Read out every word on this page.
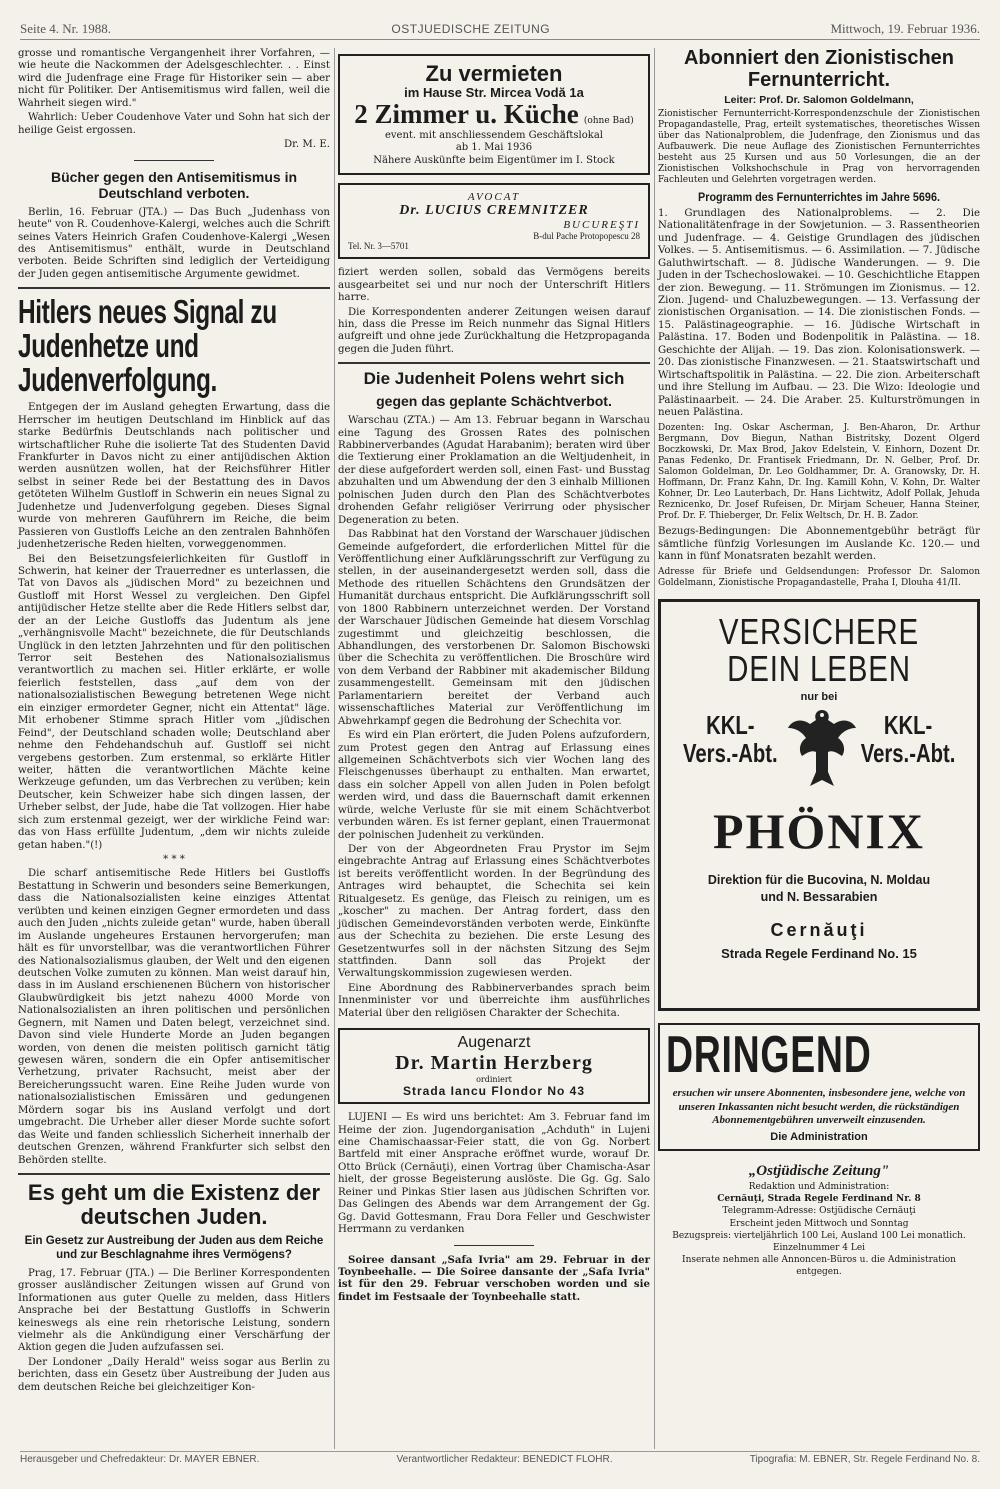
Seite 4. Nr. 1988.	OSTJUEDISCHE ZEITUNG	Mittwoch, 19. Februar 1936.

grosse und romantische Vergangenheit ihrer Vorfahren, — wie heute die Nackommen der Adelsgeschlechter. . . Einst wird die Judenfrage eine Frage für Historiker sein — aber nicht für Politiker. Der Antisemitismus wird fallen, weil die Wahrheit siegen wird."

Wahrlich: Ueber Coudenhove Vater und Sohn hat sich der heilige Geist ergossen.

Dr. M. E.

Bücher gegen den Antisemitismus in Deutschland verboten.

Berlin, 16. Februar (JTA.) — Das Buch „Judenhass von heute" von R. Coudenhove-Kalergi, welches auch die Schrift seines Vaters Heinrich Grafen Coudenhove-Kalergi „Wesen des Antisemitismus" enthält, wurde in Deutschland verboten. Beide Schriften sind lediglich der Verteidigung der Juden gegen antisemitische Argumente gewidmet.

Hitlers neues Signal zu Judenhetze und Judenverfolgung.

Entgegen der im Ausland gehegten Erwartung, dass die Herrscher im heutigen Deutschland im Hinblick auf das starke Bedürfnis Deutschlands nach politischer und wirtschaftlicher Ruhe die isolierte Tat des Studenten David Frankfurter in Davos nicht zu einer antijüdischen Aktion werden ausnützen wollen, hat der Reichsführer Hitler selbst in seiner Rede bei der Bestattung des in Davos getöteten Wilhelm Gustloff in Schwerin ein neues Signal zu Judenhetze und Judenverfolgung gegeben. Dieses Signal wurde von mehreren Gauführern im Reiche, die beim Passieren von Gustloffs Leiche an den zentralen Bahnhöfen judenhetzerische Reden hielten, vorweggenommen.

Bei den Beisetzungsfeierlichkeiten für Gustloff in Schwerin, hat keiner der Trauerredner es unterlassen, die Tat von Davos als „jüdischen Mord" zu bezeichnen und Gustloff mit Horst Wessel zu vergleichen. Den Gipfel antijüdischer Hetze stellte aber die Rede Hitlers selbst dar, der an der Leiche Gustloffs das Judentum als jene „verhängnisvolle Macht" bezeichnete, die für Deutschlands Unglück in den letzten Jahrzehnten und für den politischen Terror seit Bestehen des Nationalsozialismus verantwortlich zu machen sei. Hitler erklärte, er wolle feierlich feststellen, dass „auf dem von der nationalsozialistischen Bewegung betretenen Wege nicht ein einziger ermordeter Gegner, nicht ein Attentat" läge. Mit erhobener Stimme sprach Hitler vom „jüdischen Feind", der Deutschland schaden wolle; Deutschland aber nehme den Fehdehandschuh auf. Gustloff sei nicht vergebens gestorben. Zum erstenmal, so erklärte Hitler weiter, hätten die verantwortlichen Mächte keine Werkzeuge gefunden, um das Verbrechen zu verüben; kein Deutscher, kein Schweizer habe sich dingen lassen, der Urheber selbst, der Jude, habe die Tat vollzogen. Hier habe sich zum erstenmal gezeigt, wer der wirkliche Feind war: das von Hass erfüllte Judentum, „dem wir nichts zuleide getan haben."(!)

* * *

Die scharf antisemitische Rede Hitlers bei Gustloffs Bestattung in Schwerin und besonders seine Bemerkungen, dass die Nationalsozialisten keine einziges Attentat verübten und keinen einzigen Gegner ermordeten und dass auch den Juden „nichts zuleide getan" wurde, haben überall im Auslande ungeheures Erstaunen hervorgerufen; man hält es für unvorstellbar, was die verantwortlichen Führer des Nationalsozialismus glauben, der Welt und den eigenen deutschen Volke zumuten zu können. Man weist darauf hin, dass in im Ausland erschienenen Büchern von historischer Glaubwürdigkeit bis jetzt nahezu 4000 Morde von Nationalsozialisten an ihren politischen und persönlichen Gegnern, mit Namen und Daten belegt, verzeichnet sind. Davon sind viele Hunderte Morde an Juden begangen worden, von denen die meisten politisch garnicht tätig gewesen wären, sondern die ein Opfer antisemitischer Verhetzung, privater Rachsucht, meist aber der Bereicherungssucht waren. Eine Reihe Juden wurde von nationalsozialistischen Emissären und gedungenen Mördern sogar bis ins Ausland verfolgt und dort umgebracht. Die Urheber aller dieser Morde suchte sofort das Weite und fanden schliesslich Sicherheit innerhalb der deutschen Grenzen, während Frankfurter sich selbst den Behörden stellte.

Es geht um die Existenz der deutschen Juden.
Ein Gesetz zur Austreibung der Juden aus dem Reiche und zur Beschlagnahme ihres Vermögens?

Prag, 17. Februar (JTA.) — Die Berliner Korrespondenten grosser ausländischer Zeitungen wissen auf Grund von Informationen aus guter Quelle zu melden, dass Hitlers Ansprache bei der Bestattung Gustloffs in Schwerin keineswegs als eine rein rhetorische Leistung, sondern vielmehr als die Ankündigung einer Verschärfung der Aktion gegen die Juden aufzufassen sei.

Der Londoner „Daily Herald" weiss sogar aus Berlin zu berichten, dass ein Gesetz über Austreibung der Juden aus dem deutschen Reiche bei gleichzeitiger Kon-

Zu vermieten
im Hause Str. Mircea Vodă 1a
2 Zimmer u. Küche (ohne Bad)
event. mit anschliessendem Geschäftslokal
ab 1. Mai 1936
Nähere Auskünfte beim Eigentümer im I. Stock
AVOCAT
Dr. LUCIUS CREMNITZER
BUCUREŞTI
B-dul Pache Protopopescu 28
Tel. Nr. 3—5701

fiziert werden sollen, sobald das Vermögens bereits ausgearbeitet sei und nur noch der Unterschrift Hitlers harre.

Die Korrespondenten anderer Zeitungen weisen darauf hin, dass die Presse im Reich nunmehr das Signal Hitlers aufgreift und ohne jede Zurückhaltung die Hetzpropaganda gegen die Juden führt.

Die Judenheit Polens wehrt sich
gegen das geplante Schächtverbot.

Warschau (ZTA.) — Am 13. Februar begann in Warschau eine Tagung des Grossen Rates des polnischen Rabbinerverbandes (Agudat Harabanim); beraten wird über die Textierung einer Proklamation an die Weltjudenheit, in der diese aufgefordert werden soll, einen Fast- und Busstag abzuhalten und um Abwendung der den 3 einhalb Millionen polnischen Juden durch den Plan des Schächtverbotes drohenden Gefahr religiöser Verirrung oder physischer Degeneration zu beten.

Das Rabbinat hat den Vorstand der Warschauer jüdischen Gemeinde aufgefordert, die erforderlichen Mittel für die Veröffentlichung einer Aufklärungsschrift zur Verfügung zu stellen, in der auseinandergesetzt werden soll, dass die Methode des rituellen Schächtens den Grundsätzen der Humanität durchaus entspricht. Die Aufklärungsschrift soll von 1800 Rabbinern unterzeichnet werden. Der Vorstand der Warschauer Jüdischen Gemeinde hat diesem Vorschlag zugestimmt und gleichzeitig beschlossen, die Abhandlungen, des verstorbenen Dr. Salomon Bischowski über die Schechita zu veröffentlichen. Die Broschüre wird von dem Verband der Rabbiner mit akademischer Bildung zusammengestellt. Gemeinsam mit den jüdischen Parlamentariern bereitet der Verband auch wissenschaftliches Material zur Veröffentlichung im Abwehrkampf gegen die Bedrohung der Schechita vor.

Es wird ein Plan erörtert, die Juden Polens aufzufordern, zum Protest gegen den Antrag auf Erlassung eines allgemeinen Schächtverbots sich vier Wochen lang des Fleischgenusses überhaupt zu enthalten. Man erwartet, dass ein solcher Appell von allen Juden in Polen befolgt werden wird, und dass die Bauernschaft damit erkennen würde, welche Verluste für sie mit einem Schächtverbot verbunden wären. Es ist ferner geplant, einen Trauermonat der polnischen Judenheit zu verkünden.

Der von der Abgeordneten Frau Prystor im Sejm eingebrachte Antrag auf Erlassung eines Schächtverbotes ist bereits veröffentlicht worden. In der Begründung des Antrages wird behauptet, die Schechita sei kein Ritualgesetz. Es genüge, das Fleisch zu reinigen, um es „koscher" zu machen. Der Antrag fordert, dass den jüdischen Gemeindevorständen verboten werde, Einkünfte aus der Schechita zu beziehen. Die erste Lesung des Gesetzentwurfes soll in der nächsten Sitzung des Sejm stattfinden. Dann soll das Projekt der Verwaltungskommission zugewiesen werden.

Eine Abordnung des Rabbinerverbandes sprach beim Innenminister vor und überreichte ihm ausführliches Material über den religiösen Charakter der Schechita.

Augenarzt
Dr. Martin Herzberg
ordiniert
Strada Iancu Flondor No 43

LUJENI — Es wird uns berichtet: Am 3. Februar fand im Heime der zion. Jugendorganisation „Achduth" in Lujeni eine Chamischaassar-Feier statt, die von Gg. Norbert Bartfeld mit einer Ansprache eröffnet wurde, worauf Dr. Otto Brück (Cernăuţi), einen Vortrag über Chamischa-Asar hielt, der grosse Begeisterung auslöste. Die Gg. Gg. Salo Reiner und Pinkas Stier lasen aus jüdischen Schriften vor. Das Gelingen des Abends war dem Arrangement der Gg. Gg. David Gottesmann, Frau Dora Feller und Geschwister Herrmann zu verdanken

Soiree dansant „Safa Ivria" am 29. Februar in der Toynbeehalle. — Die Soiree dansante der „Safa Ivria" ist für den 29. Februar verschoben worden und sie findet im Festsaale der Toynbeehalle statt.

Abonniert den Zionistischen Fernunterricht.
Leiter: Prof. Dr. Salomon Goldelmann,

Zionistischer Fernunterricht-Korrespondenzschule der Zionistischen Propagandastelle, Prag, erteilt systematisches, theoretisches Wissen über das Nationalproblem, die Judenfrage, den Zionismus und das Aufbauwerk. Die neue Auflage des Zionistischen Fernunterrichtes besteht aus 25 Kursen und aus 50 Vorlesungen, die an der Zionistischen Volkshochschule in Prag von hervorragenden Fachleuten und Gelehrten vorgetragen werden.

Programm des Fernunterrichtes im Jahre 5696.

1. Grundlagen des Nationalproblems. — 2. Die Nationalitätenfrage in der Sowjetunion. — 3. Rassentheorien und Judenfrage. — 4. Geistige Grundlagen des jüdischen Volkes. — 5. Antisemitismus. — 6. Assimilation. — 7. Jüdische Galuthwirtschaft. — 8. Jüdische Wanderungen. — 9. Die Juden in der Tschechoslowakei. — 10. Geschichtliche Etappen der zion. Bewegung. — 11. Strömungen im Zionismus. — 12. Zion. Jugend- und Chaluzbewegungen. — 13. Verfassung der zionistischen Organisation. — 14. Die zionistischen Fonds. — 15. Palästinageographie. — 16. Jüdische Wirtschaft in Palästina. 17. Boden und Bodenpolitik in Palästina. — 18. Geschichte der Alijah. — 19. Das zion. Kolonisationswerk. — 20. Das zionistische Finanzwesen. — 21. Staatswirtschaft und Wirtschaftspolitik in Palästina. — 22. Die zion. Arbeiterschaft und ihre Stellung im Aufbau. — 23. Die Wizo: Ideologie und Palästinaarbeit. — 24. Die Araber. 25. Kulturströmungen in neuen Palästina.

Dozenten: Ing. Oskar Ascherman, J. Ben-Aharon, Dr. Arthur Bergmann, Dov Biegun, Nathan Bistritsky, Dozent Olgerd Boczkowski, Dr. Max Brod, Jakov Edelstein, V. Einhorn, Dozent Dr. Panas Fedenko, Dr. Frantisek Friedmann, Dr. N. Gelber, Prof. Dr. Salomon Goldelman, Dr. Leo Goldhammer, Dr. A. Granowsky, Dr. H. Hoffmann, Dr. Franz Kahn, Dr. Ing. Kamill Kohn, V. Kohn, Dr. Walter Kohner, Dr. Leo Lauterbach, Dr. Hans Lichtwitz, Adolf Pollak, Jehuda Reznicenko, Dr. Josef Rufeisen, Dr. Mirjam Scheuer, Hanna Steiner, Prof. Dr. F. Thieberger, Dr. Felix Weltsch, Dr. H. B. Zador.

Bezugs-Bedingungen: Die Abonnementgebühr beträgt für sämtliche fünfzig Vorlesungen im Auslande Kc. 120.— und kann in fünf Monatsraten bezahlt werden.

Adresse für Briefe und Geldsendungen: Professor Dr. Salomon Goldelmann, Zionistische Propagandastelle, Praha I, Dlouha 41/II.

VERSICHERE
DEIN LEBEN
nur bei
KKL-
Vers.-Abt.
KKL-
Vers.-Abt.
PHÖNIX
Direktion für die Bucovina, N. Moldau
und N. Bessarabien
Cernăuţi
Strada Regele Ferdinand No. 15
DRINGEND
ersuchen wir unsere Abonnenten, insbesondere jene, welche von unseren Inkassanten nicht besucht werden, die rückständigen Abonnementgebühren unverweilt einzusenden.
Die Administration
„Ostjüdische Zeitung"
Redaktion und Administration:
Cernăuţi, Strada Regele Ferdinand Nr. 8
Telegramm-Adresse: Ostjüdische Cernăuţi
Erscheint jeden Mittwoch und Sonntag
Bezugspreis: vierteljährlich 100 Lei, Ausland 100 Lei monatlich. Einzelnummer 4 Lei
Inserate nehmen alle Annoncen-Büros u. die Administration entgegen.
Herausgeber und Chefredakteur: Dr. MAYER EBNER.	Verantwortlicher Redakteur: BENEDICT FLOHR.	Tipografia: M. EBNER, Str. Regele Ferdinand No. 8.
